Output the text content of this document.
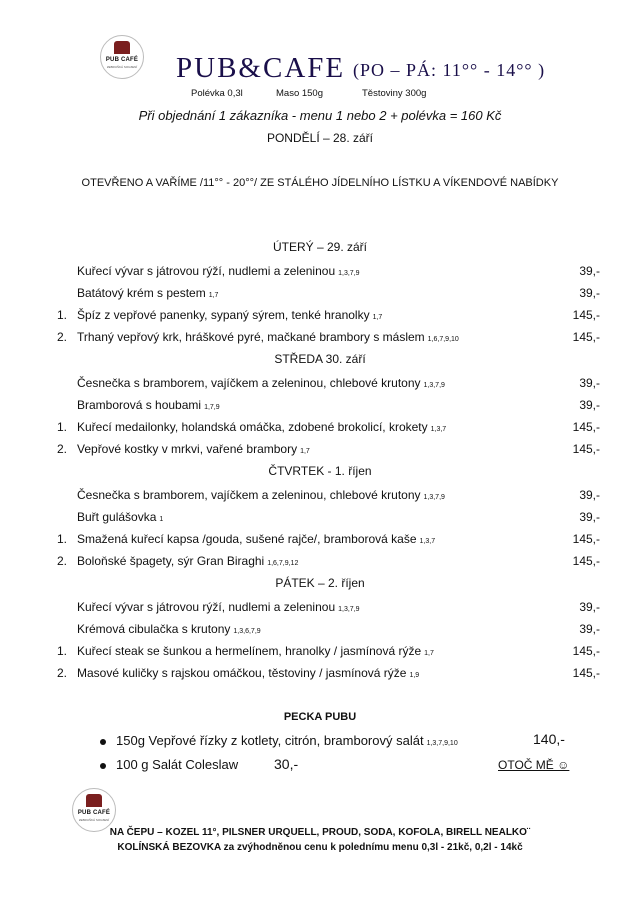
PUB CAFÉ
ZEBRUŠKÁ SOUZENÍ PUB&CAFE (PO – PÁ: 11°° - 14°° )
Polévka 0,3l	Maso 150g	Těstoviny 300g
Při objednání 1 zákazníka - menu 1 nebo 2 + polévka = 160 Kč
PONDĚLÍ – 28. září
OTEVŘENO A VAŘÍME /11°° - 20°°/ ZE STÁLÉHO JÍDELNÍHO LÍSTKU A VÍKENDOVÉ NABÍDKY
ÚTERÝ – 29. září
Kuřecí vývar s játrovou rýží, nudlemi a zeleninou 1,3,7,9	39,-
Batátový krém s pestem 1,7	39,-
1. Špíz z vepřové panenky, sypaný sýrem, tenké hranolky 1,7	145,-
2. Trhaný vepřový krk, hráškové pyré, mačkané brambory s máslem 1,6,7,9,10	145,-
STŘEDA 30. září
Česnečka s bramborem, vajíčkem a zeleninou, chlebové krutony 1,3,7,9	39,-
Bramborová s houbami 1,7,9	39,-
1. Kuřecí medailonky, holandská omáčka, zdobené brokolicí, krokety 1,3,7	145,-
2. Vepřové kostky v mrkvi, vařené brambory 1,7	145,-
ČTVRTEK - 1. říjen
Česnečka s bramborem, vajíčkem a zeleninou, chlebové krutony 1,3,7,9	39,-
Buřt gulášovka 1	39,-
1. Smažená kuřecí kapsa /gouda, sušené rajče/, bramborová kaše 1,3,7	145,-
2. Boloňské špagety, sýr Gran Biraghi 1,6,7,9,12	145,-
PÁTEK – 2. říjen
Kuřecí vývar s játrovou rýží, nudlemi a zeleninou 1,3,7,9	39,-
Krémová cibulačka s krutony 1,3,6,7,9	39,-
1. Kuřecí steak se šunkou a hermelínem, hranolky / jasmínová rýže 1,7	145,-
2. Masové kuličky s rajskou omáčkou, těstoviny / jasmínová rýže 1,9	145,-
PECKA PUBU
150g Vepřové řízky z kotlety, citrón, bramborový salát 1,3,7,9,10	140,-
100 g Salát Coleslaw	30,-	OTOČ MĚ ☺
PUB CAFÉ
ZEBRUŠKÁ SOUZENÍ
NA ČEPU – KOZEL 11°, PILSNER URQUELL, PROUD, SODA, KOFOLA, BIRELL NEALKO¨
KOLÍNSKÁ BEZOVKA za zvýhodněnou cenu k polednímu menu 0,3l - 21kč, 0,2l - 14kč
